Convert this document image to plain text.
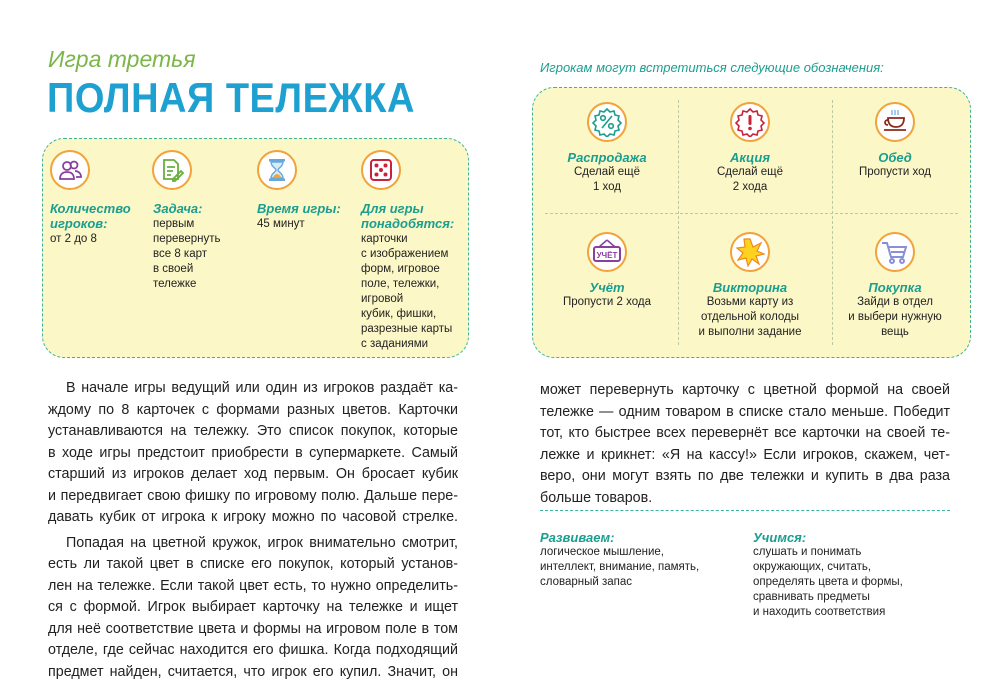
Игра третья
ПОЛНАЯ ТЕЛЕЖКА
Количество игроков:
от 2 до 8
Задача:
первым
перевернуть
все 8 карт
в своей
тележке
Время игры:
45 минут
Для игры понадобятся:
карточки
с изображением
форм, игровое
поле, тележки,
игровой
кубик, фишки,
разрезные карты
с заданиями
Игрокам могут встретиться следующие обозначения:
Распродажа
Сделай ещё
1 ход
Акция
Сделай ещё
2 хода
Обед
Пропусти ход
УЧЁТ
Учёт
Пропусти 2 хода
Викторина
Возьми карту из
отдельной колоды
и выполни задание
Покупка
Зайди в отдел
и выбери нужную
вещь
В начале игры ведущий или один из игроков раздаёт ка-
ждому по 8 карточек с формами разных цветов. Карточки
устанавливаются на тележку. Это список покупок, которые
в ходе игры предстоит приобрести в супермаркете. Самый
старший из игроков делает ход первым. Он бросает кубик
и передвигает свою фишку по игровому полю. Дальше пере-
давать кубик от игрока к игроку можно по часовой стрелке.
Попадая на цветной кружок, игрок внимательно смотрит,
есть ли такой цвет в списке его покупок, который установ-
лен на тележке. Если такой цвет есть, то нужно определить-
ся с формой. Игрок выбирает карточку на тележке и ищет
для неё соответствие цвета и формы на игровом поле в том
отделе, где сейчас находится его фишка. Когда подходящий
предмет найден, считается, что игрок его купил. Значит, он
может перевернуть карточку с цветной формой на своей
тележке — одним товаром в списке стало меньше. Победит
тот, кто быстрее всех перевернёт все карточки на своей те-
лежке и крикнет: «Я на кассу!» Если игроков, скажем, чет-
веро, они могут взять по две тележки и купить в два раза
больше товаров.
Развиваем:
логическое мышление,
интеллект, внимание, память,
словарный запас
Учимся:
слушать и понимать
окружающих, считать,
определять цвета и формы,
сравнивать предметы
и находить соответствия
